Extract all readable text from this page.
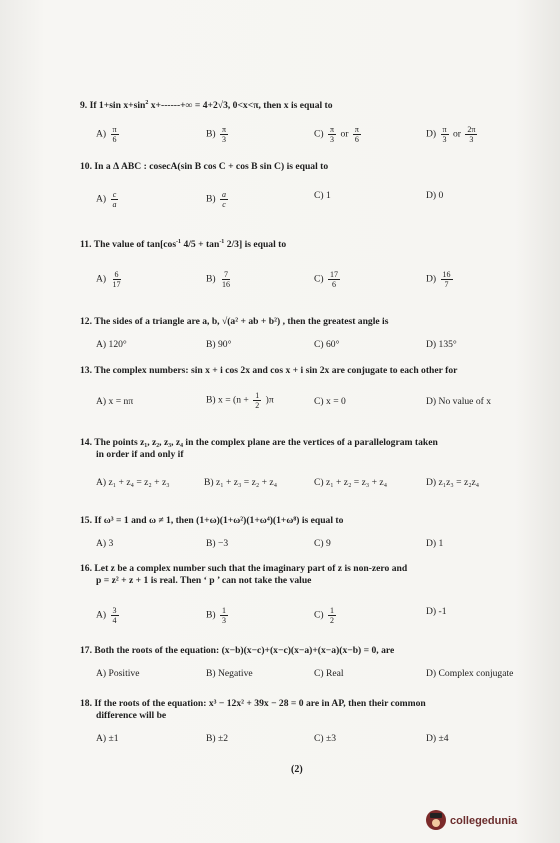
9. If 1+sin $x+\sin^2$ x+------+∞ = 4+2√3, 0<x<π, then x is equal to
$A) \frac{\pi}{6}$	$B) \frac{\pi}{3}$	$C) \frac{\pi}{3}$ or $\frac{\pi}{6}$	$D) \frac{\pi}{3}$ or $\frac{2\pi}{3}$
10. In a Δ ABC : cosecA(sin B cos C + cos B sin C) is equal to
$A) \frac{c}{a}$	$B) \frac{a}{c}$	C) 1	D) 0
11. The value of $\tan[\cos^{-1}$ $4/5 + \tan^{-1} 2/3$] is equal to
$A) \frac{6}{17}$	$B) \frac{7}{16}$	$C) \frac{17}{6}$	$D) \frac{16}{7}$
12. The sides of a triangle are a, b, √(a² + ab + b²) , then the greatest angle is
A) 120°	B) 90°	C) 60°	D) 135°
13. The complex numbers: sin x + i cos 2x and cos x + i sin 2x are conjugate to each other for
A) x = nπ	B) $x = (n + \frac{1}{2} )\pi$	C) x = 0	D) No value of x
14. The points z₁, z₂, z₃, z₄ in the complex plane are the vertices of a parallelogram taken
in order if and only if
A) z₁ + z₄ = z₂ + z₃	B) z₁ + z₃ = z₂ + z₄	C) z₁ + z₂ = z₃ + z₄	D) z₁z₃ = z₂z₄
15. If ω³ = 1 and ω ≠ 1, then (1+ω)(1+ω²)(1+ω⁴)(1+ω⁸) is equal to
A) 3	B) −3	C) 9	D) 1
16. Let z be a complex number such that the imaginary part of z is non-zero and
p = z² + z + 1 is real. Then ‘ p ’ can not take the value
$A) \frac{3}{4}$	$B) \frac{1}{3}$	$C) \frac{1}{2}$	D) -1
17. Both the roots of the equation: (x−b)(x−c)+(x−c)(x−a)+(x−a)(x−b) = 0, are
A) Positive	B) Negative	C) Real	D) Complex conjugate
18. If the roots of the equation: x³ − 12x² + 39x − 28 = 0 are in AP, then their common
difference will be
A) ±1	B) ±2	C) ±3	D) ±4
(2)
collegedunia
